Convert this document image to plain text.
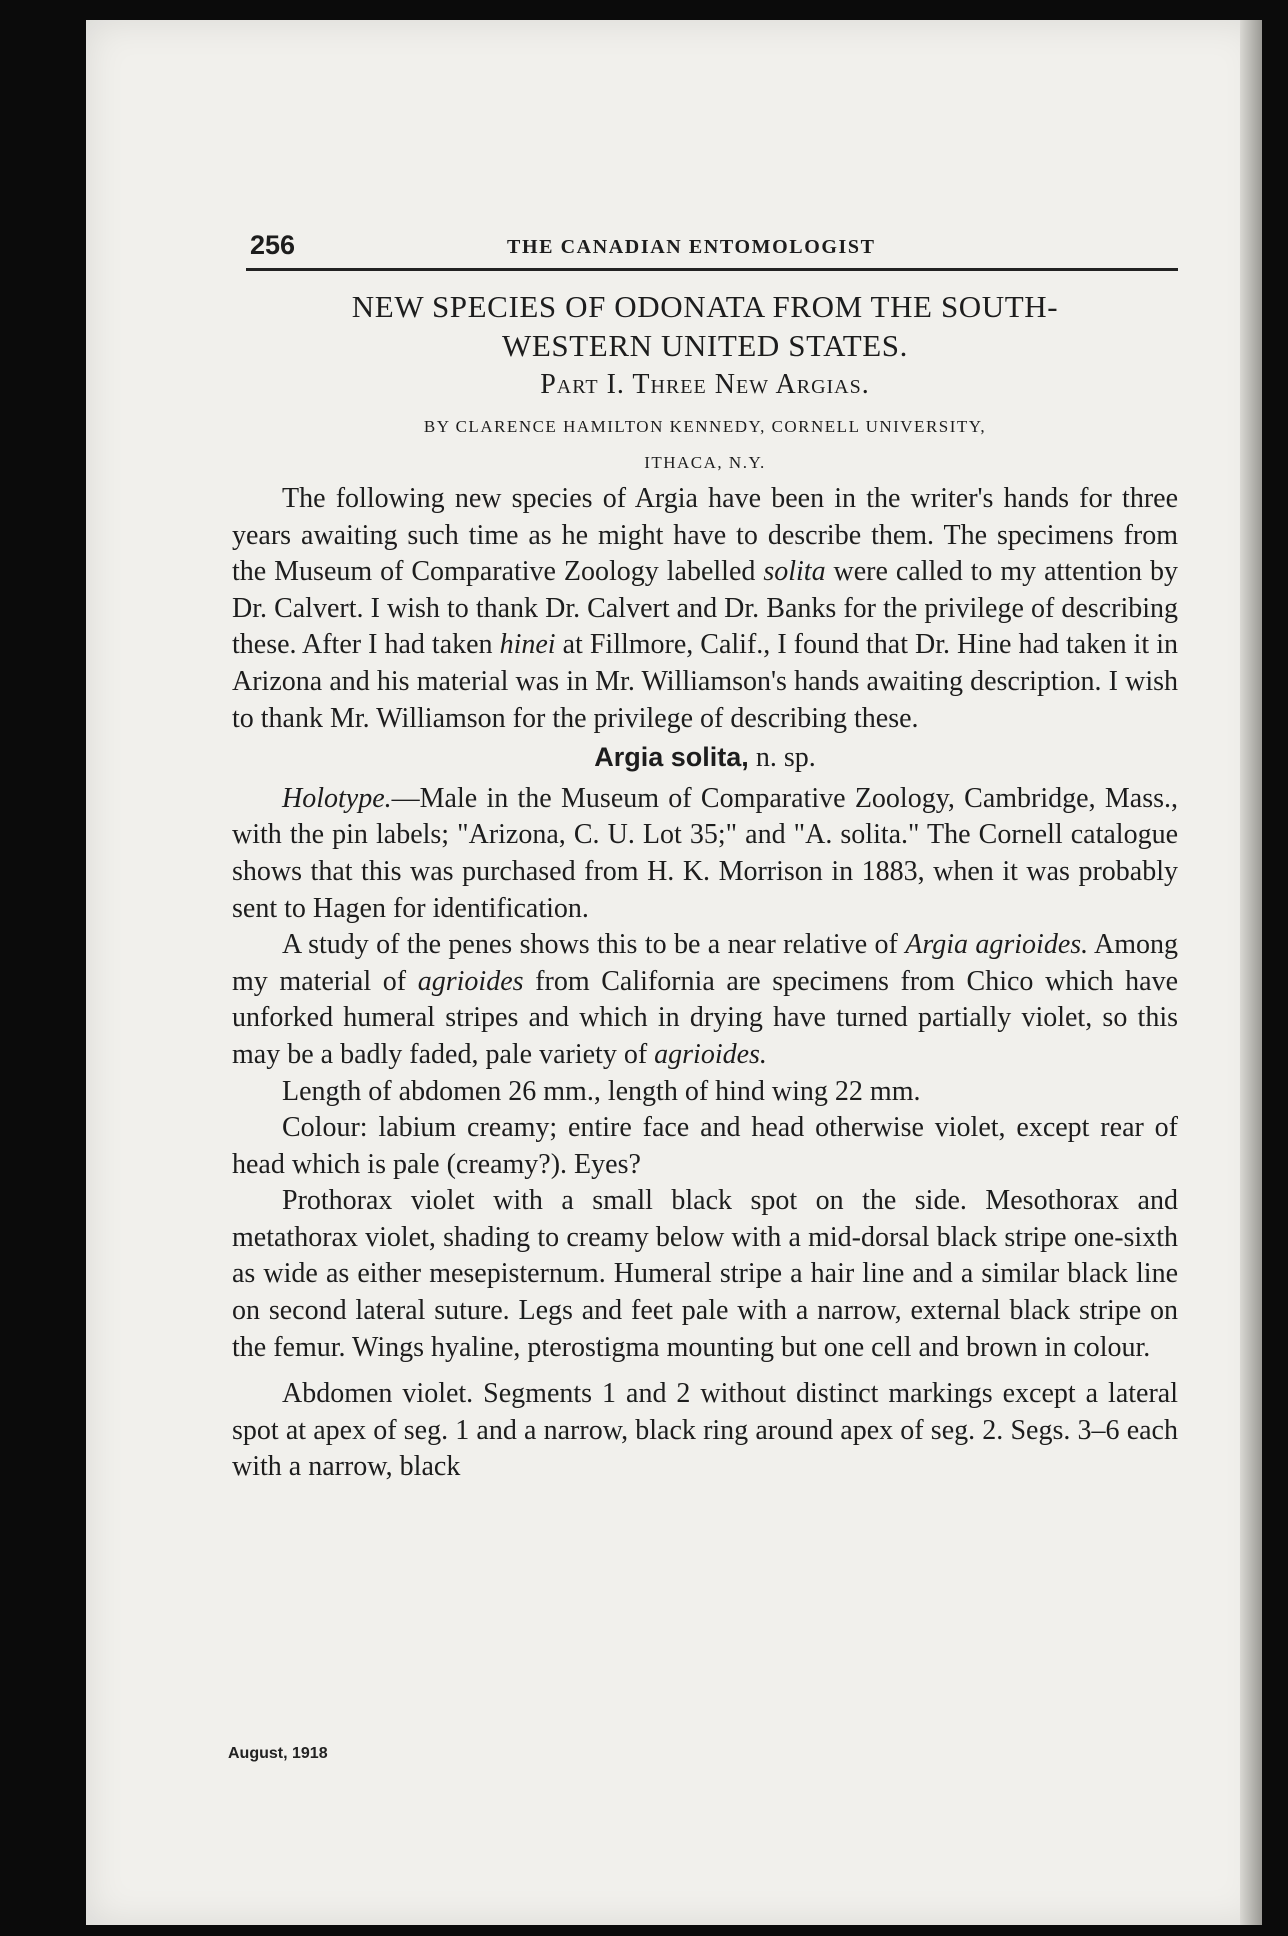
256	THE CANADIAN ENTOMOLOGIST

NEW SPECIES OF ODONATA FROM THE SOUTH-

WESTERN UNITED STATES.

Part I. Three New Argias.

BY CLARENCE HAMILTON KENNEDY, CORNELL UNIVERSITY,

ITHACA, N.Y.

The following new species of Argia have been in the writer's hands for three years awaiting such time as he might have to describe them. The specimens from the Museum of Comparative Zoology labelled solita were called to my attention by Dr. Calvert. I wish to thank Dr. Calvert and Dr. Banks for the privilege of describing these. After I had taken hinei at Fillmore, Calif., I found that Dr. Hine had taken it in Arizona and his material was in Mr. Williamson's hands awaiting description. I wish to thank Mr. Williamson for the privilege of describing these.

Argia solita, n. sp.

Holotype.—Male in the Museum of Comparative Zoology, Cambridge, Mass., with the pin labels; "Arizona, C. U. Lot 35;" and "A. solita." The Cornell catalogue shows that this was purchased from H. K. Morrison in 1883, when it was probably sent to Hagen for identification.

A study of the penes shows this to be a near relative of Argia agrioides. Among my material of agrioides from California are specimens from Chico which have unforked humeral stripes and which in drying have turned partially violet, so this may be a badly faded, pale variety of agrioides.

Length of abdomen 26 mm., length of hind wing 22 mm.

Colour: labium creamy; entire face and head otherwise violet, except rear of head which is pale (creamy?). Eyes?

Prothorax violet with a small black spot on the side. Mesothorax and metathorax violet, shading to creamy below with a mid-dorsal black stripe one-sixth as wide as either mesepisternum. Humeral stripe a hair line and a similar black line on second lateral suture. Legs and feet pale with a narrow, external black stripe on the femur. Wings hyaline, pterostigma mounting but one cell and brown in colour.

Abdomen violet. Segments 1 and 2 without distinct markings except a lateral spot at apex of seg. 1 and a narrow, black ring around apex of seg. 2. Segs. 3–6 each with a narrow, black

August, 1918
